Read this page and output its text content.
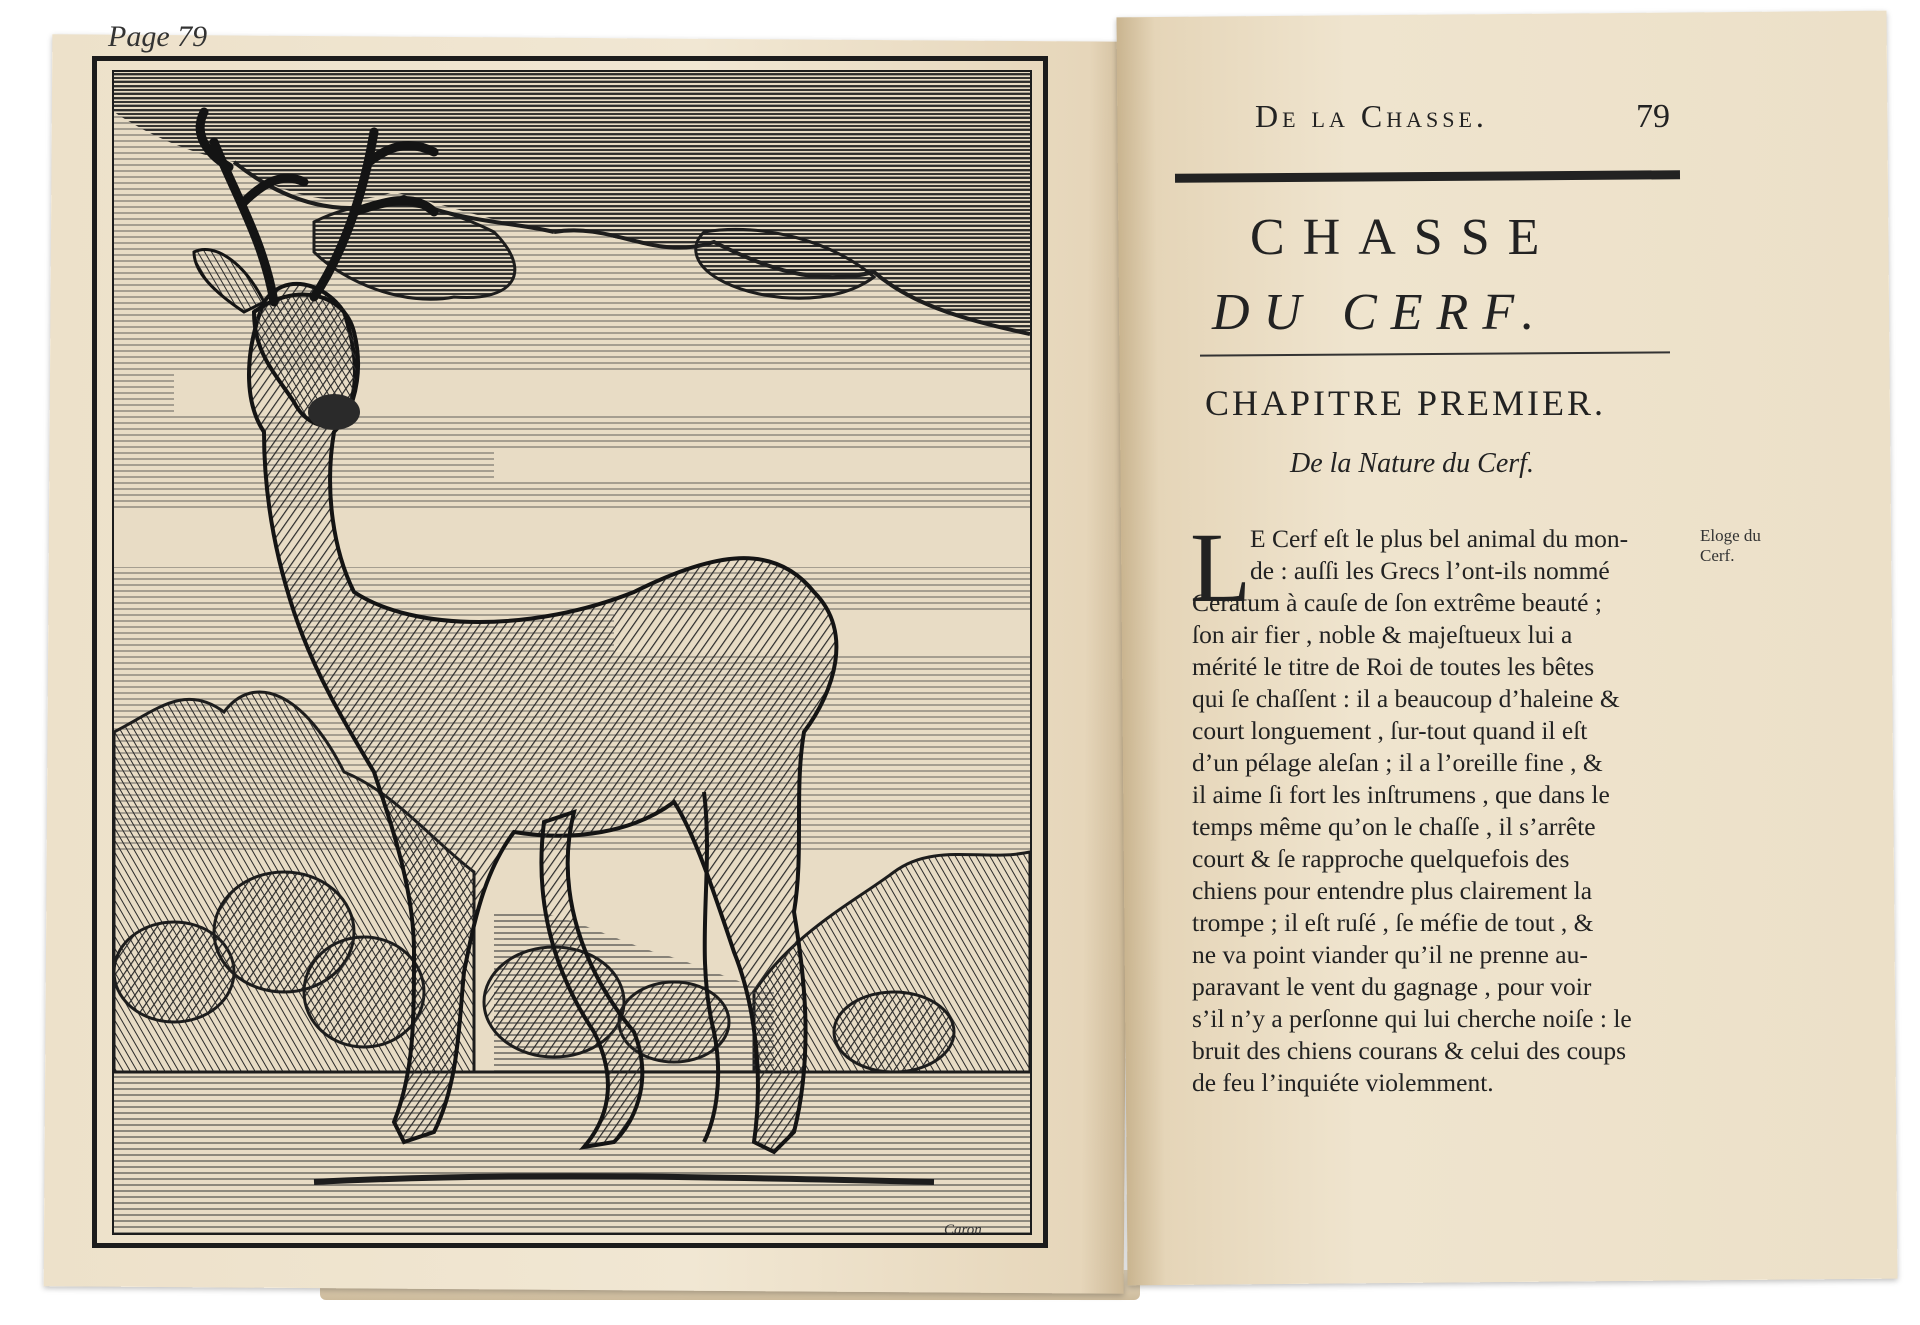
Page 79
Caron
De la Chasse.	79
CHASSE
DU CERF.
CHAPITRE PREMIER.
De la Nature du Cerf.
L	Eloge du
Cerf.
E Cerf eſt le plus bel animal du mon-
de : auſſi les Grecs l’ont-ils nommé
Ceratum à cauſe de ſon extrême beauté ;
ſon air fier , noble & majeſtueux lui a
mérité le titre de Roi de toutes les bêtes
qui ſe chaſſent : il a beaucoup d’haleine &
court longuement , ſur-tout quand il eſt
d’un pélage aleſan ; il a l’oreille fine , &
il aime ſi fort les inſtrumens , que dans le
temps même qu’on le chaſſe , il s’arrête
court & ſe rapproche quelquefois des
chiens pour entendre plus clairement la
trompe ; il eſt ruſé , ſe méfie de tout , &
ne va point viander qu’il ne prenne au-
paravant le vent du gagnage , pour voir
s’il n’y a perſonne qui lui cherche noiſe : le
bruit des chiens courans & celui des coups
de feu l’inquiéte violemment.
